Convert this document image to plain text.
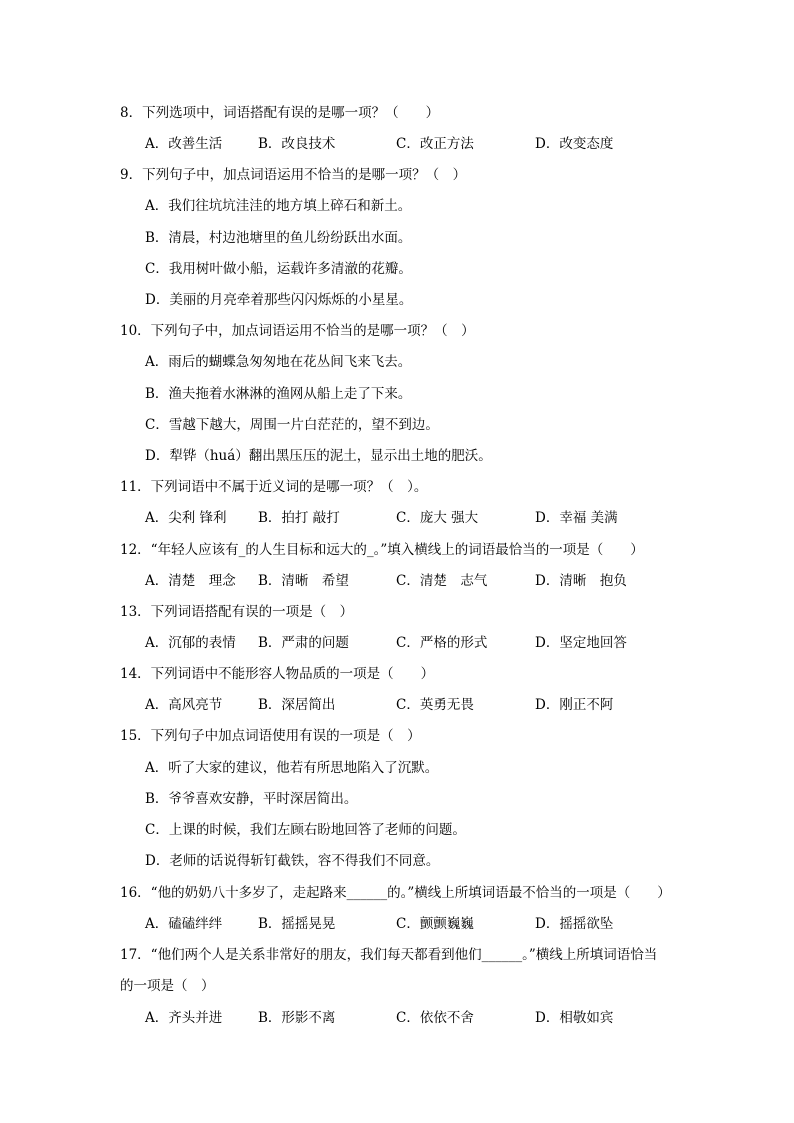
8．下列选项中，词语搭配有误的是哪一项？（　　）
A．改善生活	B．改良技术	C．改正方法	D．改变态度
9．下列句子中，加点词语运用不恰当的是哪一项？（　）
A．我们往坑坑洼洼的地方填上碎石和新土。
B．清晨，村边池塘里的鱼儿纷纷跃出水面。
C．我用树叶做小船，运载许多清澈的花瓣。
D．美丽的月亮牵着那些闪闪烁烁的小星星。
10．下列句子中，加点词语运用不恰当的是哪一项？（　）
A．雨后的蝴蝶急匆匆地在花丛间飞来飞去。
B．渔夫拖着水淋淋的渔网从船上走了下来。
C．雪越下越大，周围一片白茫茫的，望不到边。
D．犁铧（huá）翻出黑压压的泥土，显示出土地的肥沃。
11．下列词语中不属于近义词的是哪一项？（　）。
A．尖利 锋利 B．拍打 敲打	C．庞大 强大	D．幸福 美满
12．“年轻人应该有_的人生目标和远大的_。”填入横线上的词语最恰当的一项是（　　）
A．清楚　理念 B．清晰　希望	C．清楚　志气	D．清晰　抱负
13．下列词语搭配有误的一项是（　）
A．沉郁的表情 B．严肃的问题	C．严格的形式	D．坚定地回答
14．下列词语中不能形容人物品质的一项是（　　）
A．高风亮节	B．深居简出	C．英勇无畏	D．刚正不阿
15．下列句子中加点词语使用有误的一项是（　）
A．听了大家的建议，他若有所思地陷入了沉默。
B．爷爷喜欢安静，平时深居简出。
C．上课的时候，我们左顾右盼地回答了老师的问题。
D．老师的话说得斩钉截铁，容不得我们不同意。
16．“他的奶奶八十多岁了，走起路来______的。”横线上所填词语最不恰当的一项是（　　）
A．磕磕绊绊	B．摇摇晃晃	C．颤颤巍巍	D．摇摇欲坠
17．“他们两个人是关系非常好的朋友，我们每天都看到他们______。”横线上所填词语恰当
的一项是（　）
A．齐头并进	B．形影不离	C．依依不舍	D．相敬如宾
